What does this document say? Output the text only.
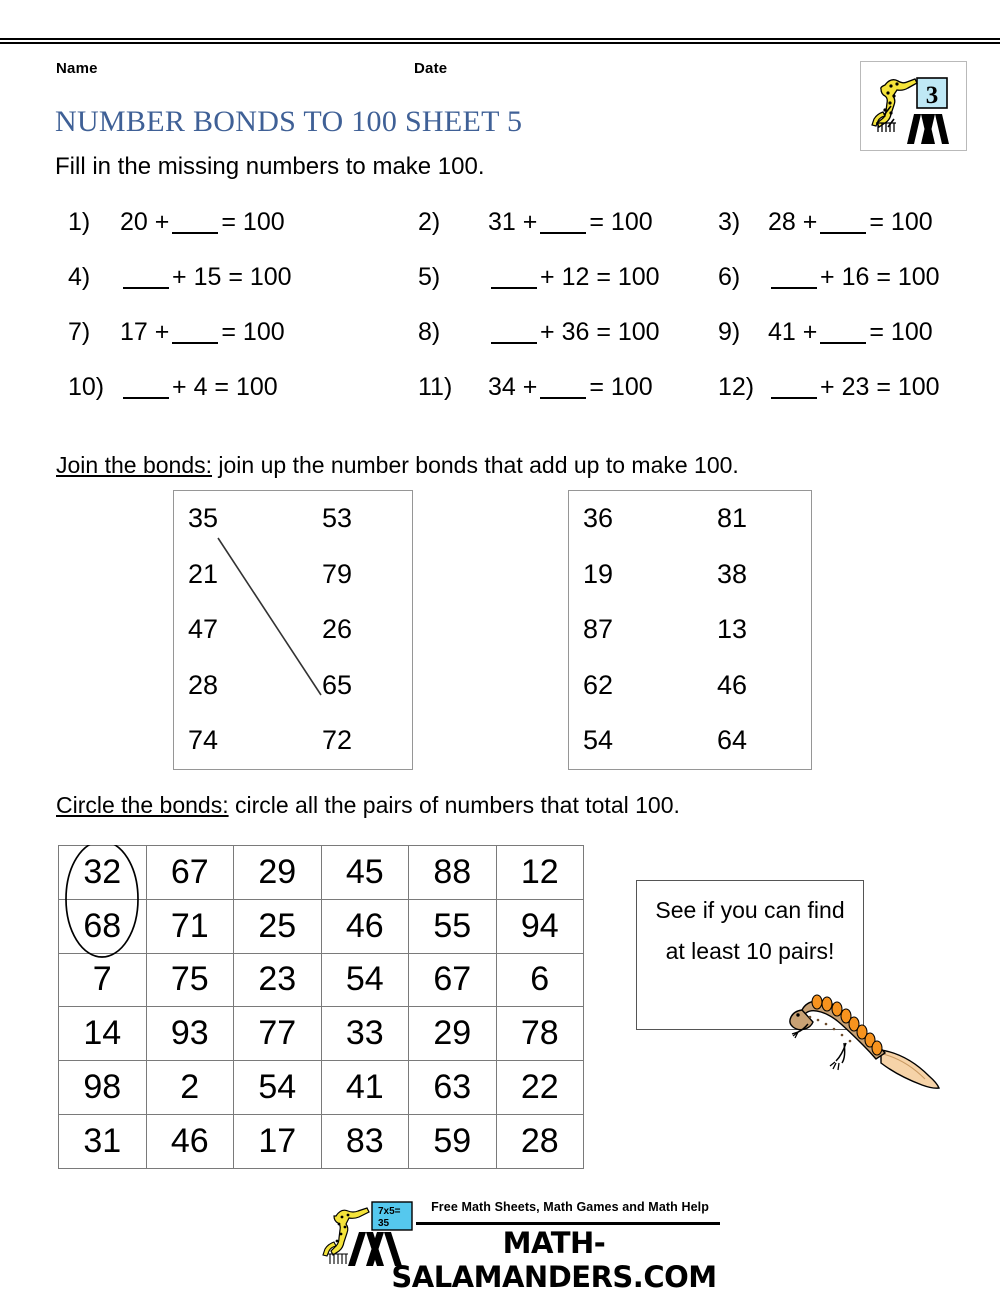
Name	Date
3
NUMBER BONDS TO 100 SHEET 5
Fill in the missing numbers to make 100.
1) 20 + = 100	2) 31 + = 100	3) 28 + = 100
4)	+ 15 = 100	5)	+ 12 = 100 6)	+ 16 = 100
7) 17 + = 100	8)	+ 36 = 100 9) 41 + = 100
10)	+ 4 = 100	11) 34 + = 100	12)	+ 23 = 100
Join the bonds: join up the number bonds that add up to make 100.
35	53
21	79
47	26
28	65
74	72
36	81
19	38
87	13
62	46
54	64
Circle the bonds: circle all the pairs of numbers that total 100.
32	67	29	45	88	12
68	71	25	46	55	94
7	75	23	54	67	6
14	93	77	33	29	78
98	2	54	41	63	22
31	46	17	83	59	28
See if you can find at least 10 pairs!
7x5=
35
Free Math Sheets, Math Games and Math Help
MATH-SALAMANDERS.COM
